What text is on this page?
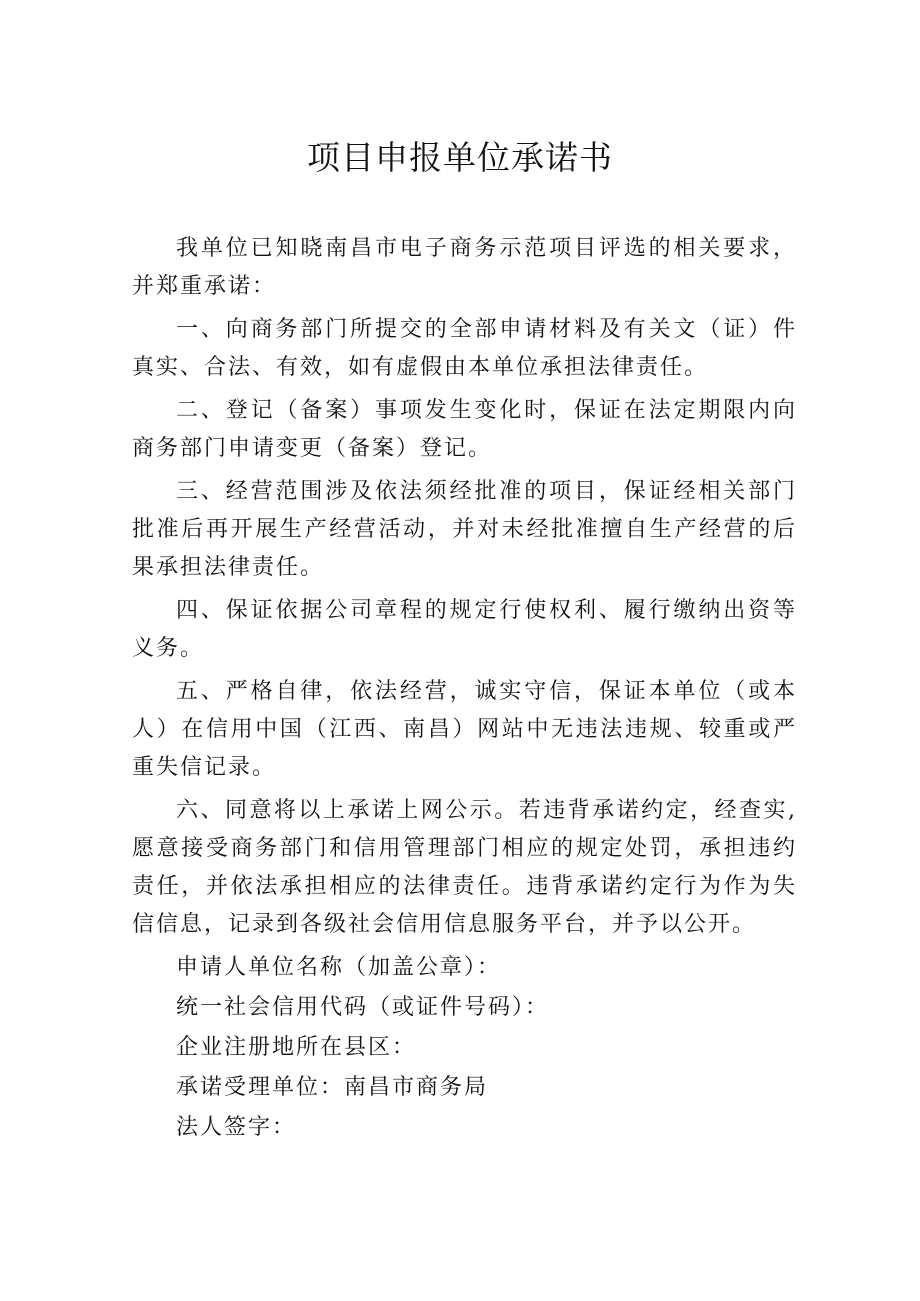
项目申报单位承诺书

我单位已知晓南昌市电子商务示范项目评选的相关要求，并郑重承诺：

一、向商务部门所提交的全部申请材料及有关文（证）件真实、合法、有效，如有虚假由本单位承担法律责任。

二、登记（备案）事项发生变化时，保证在法定期限内向商务部门申请变更（备案）登记。

三、经营范围涉及依法须经批准的项目，保证经相关部门批准后再开展生产经营活动，并对未经批准擅自生产经营的后果承担法律责任。

四、保证依据公司章程的规定行使权利、履行缴纳出资等义务。

五、严格自律，依法经营，诚实守信，保证本单位（或本人）在信用中国（江西、南昌）网站中无违法违规、较重或严重失信记录。

六、同意将以上承诺上网公示。若违背承诺约定，经查实,愿意接受商务部门和信用管理部门相应的规定处罚，承担违约责任，并依法承担相应的法律责任。违背承诺约定行为作为失信信息，记录到各级社会信用信息服务平台，并予以公开。

申请人单位名称（加盖公章）：

统一社会信用代码（或证件号码）：

企业注册地所在县区：

承诺受理单位：南昌市商务局

法人签字：
